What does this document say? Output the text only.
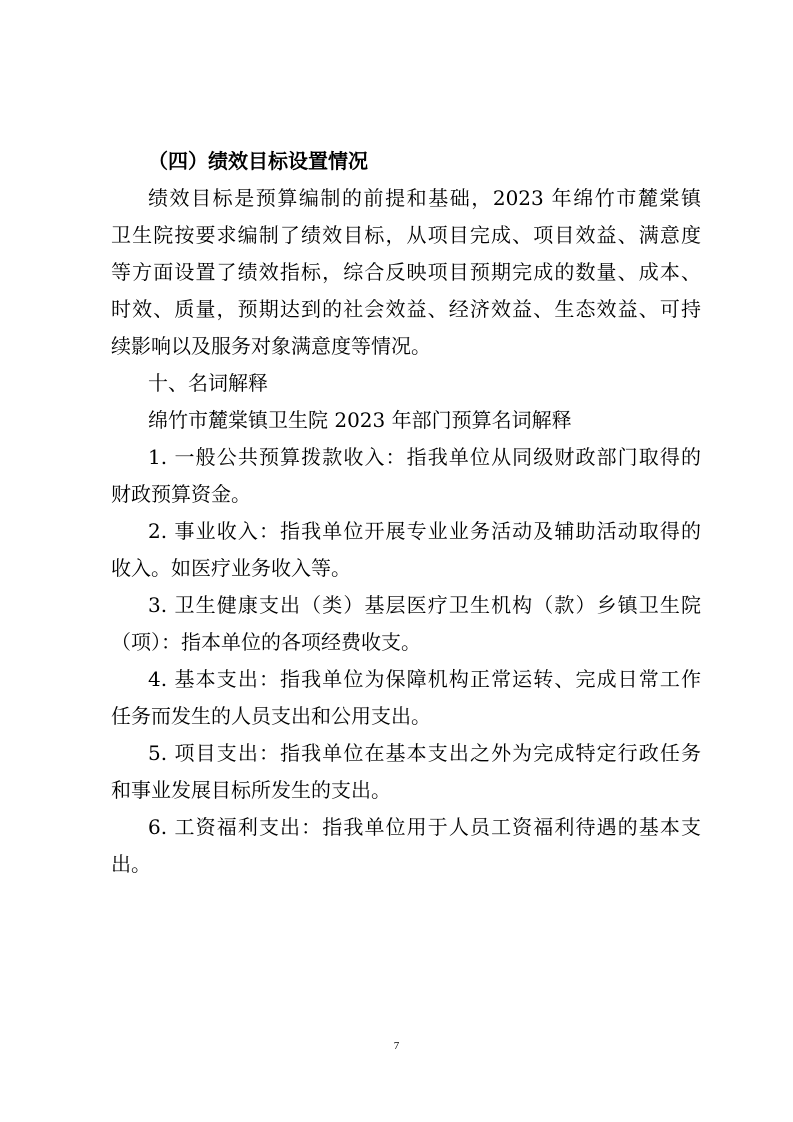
（四）绩效目标设置情况
绩效目标是预算编制的前提和基础，2023 年绵竹市麓棠镇
卫生院按要求编制了绩效目标，从项目完成、项目效益、满意度
等方面设置了绩效指标，综合反映项目预期完成的数量、成本、
时效、质量，预期达到的社会效益、经济效益、生态效益、可持
续影响以及服务对象满意度等情况。
十、名词解释
绵竹市麓棠镇卫生院 2023 年部门预算名词解释
1. 一般公共预算拨款收入：指我单位从同级财政部门取得的
财政预算资金。
2. 事业收入：指我单位开展专业业务活动及辅助活动取得的
收入。如医疗业务收入等。
3. 卫生健康支出（类）基层医疗卫生机构（款）乡镇卫生院
（项）：指本单位的各项经费收支。
4. 基本支出：指我单位为保障机构正常运转、完成日常工作
任务而发生的人员支出和公用支出。
5. 项目支出：指我单位在基本支出之外为完成特定行政任务
和事业发展目标所发生的支出。
6. 工资福利支出：指我单位用于人员工资福利待遇的基本支
出。
7
